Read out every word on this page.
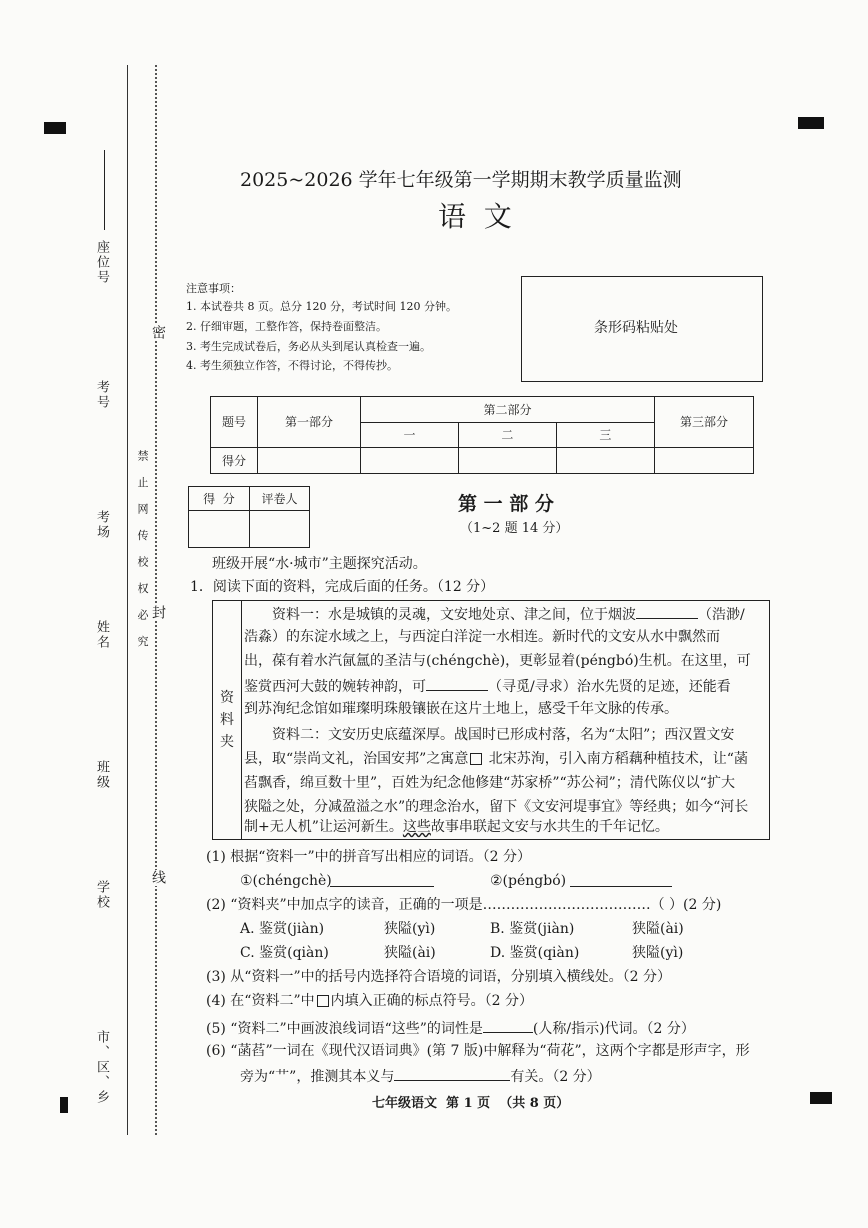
座位号
考号
考场
姓名
班级
学校
市、区、乡
密
封
线
禁 止 网 传 校 权 必 究
2025~2026 学年七年级第一学期期末教学质量监测
语  文
注意事项：
1. 本试卷共 8 页。总分 120 分，考试时间 120 分钟。
2. 仔细审题，工整作答，保持卷面整洁。
3. 考生完成试卷后，务必从头到尾认真检查一遍。
4. 考生须独立作答，不得讨论，不得传抄。
条形码粘贴处
题号	第一部分	第二部分			第三部分
		一	二	三	
得分					
得  分	评卷人
		第 一 部 分
（1~2 题 14 分）
班级开展“水·城市”主题探究活动。
1．阅读下面的资料，完成后面的任务。（12 分）
资
料
夹
资料一：水是城镇的灵魂，文安地处京、津之间，位于烟波	（浩渺/
浩淼）的东淀水域之上，与西淀白洋淀一水相连。新时代的文安从水中飘然而
出，葆有着水汽氤氲的圣洁与(chéngchè)，更彰显着(péngbó)生机。在这里，可
鉴赏西河大鼓的婉转神韵，可	（寻觅/寻求）治水先贤的足迹，还能看
到苏洵纪念馆如璀璨明珠般镶嵌在这片土地上，感受千年文脉的传承。
资料二：文安历史底蕴深厚。战国时已形成村落，名为“太阳”；西汉置文安
县，取“崇尚文礼，治国安邦”之寓意 北宋苏洵，引入南方稻藕种植技术，让“菡
萏飘香，绵亘数十里”，百姓为纪念他修建“苏家桥”“苏公祠”；清代陈仪以“扩大
狭隘之处，分减盈溢之水”的理念治水，留下《文安河堤事宜》等经典；如今“河长
制+无人机”让运河新生。这些故事串联起文安与水共生的千年记忆。
(1) 根据“资料一”中的拼音写出相应的词语。（2 分）
①(chéngchè)	②(péngbó)
(2) “资料夹”中加点字的读音，正确的一项是………………………………（ ）(2 分)
A. 鉴赏(jiàn)	狭隘(yì)	B. 鉴赏(jiàn)	狭隘(ài)
C. 鉴赏(qiàn)	狭隘(ài)	D. 鉴赏(qiàn)	狭隘(yì)
(3) 从“资料一”中的括号内选择符合语境的词语，分别填入横线处。（2 分）
(4) 在“资料二”中 内填入正确的标点符号。（2 分）
(5) “资料二”中画波浪线词语“这些”的词性是	(人称/指示)代词。（2 分）
(6) “菡萏”一词在《现代汉语词典》(第 7 版)中解释为“荷花”，这两个字都是形声字，形
旁为“艹”，推测其本义与	有关。（2 分）
七年级语文  第 1 页  （共 8 页）
